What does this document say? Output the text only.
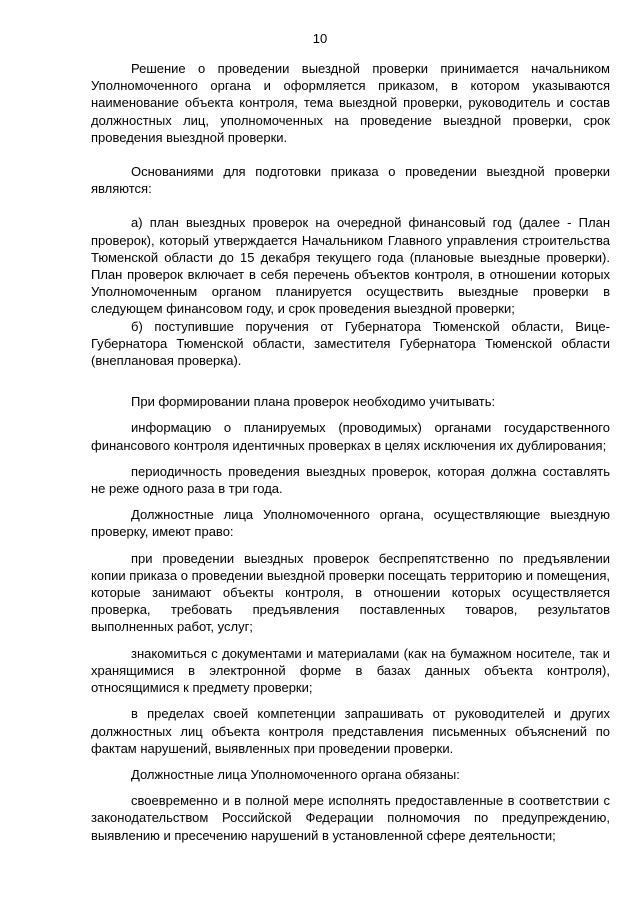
10

Решение о проведении выездной проверки принимается начальником Уполномоченного органа и оформляется приказом, в котором указываются наименование объекта контроля, тема выездной проверки, руководитель и состав должностных лиц, уполномоченных на проведение выездной проверки, срок проведения выездной проверки.

Основаниями для подготовки приказа о проведении выездной проверки являются:

а) план выездных проверок на очередной финансовый год (далее - План проверок), который утверждается Начальником Главного управления строительства Тюменской области до 15 декабря текущего года (плановые выездные проверки). План проверок включает в себя перечень объектов контроля, в отношении которых Уполномоченным органом планируется осуществить выездные проверки в следующем финансовом году, и срок проведения выездной проверки;

б) поступившие поручения от Губернатора Тюменской области, Вице-Губернатора Тюменской области, заместителя Губернатора Тюменской области (внеплановая проверка).

При формировании плана проверок необходимо учитывать:

информацию о планируемых (проводимых) органами государственного финансового контроля идентичных проверках в целях исключения их дублирования;

периодичность проведения выездных проверок, которая должна составлять не реже одного раза в три года.

Должностные лица Уполномоченного органа, осуществляющие выездную проверку, имеют право:

при проведении выездных проверок беспрепятственно по предъявлении копии приказа о проведении выездной проверки посещать территорию и помещения, которые занимают объекты контроля, в отношении которых осуществляется проверка, требовать предъявления поставленных товаров, результатов выполненных работ, услуг;

знакомиться с документами и материалами (как на бумажном носителе, так и хранящимися в электронной форме в базах данных объекта контроля), относящимися к предмету проверки;

в пределах своей компетенции запрашивать от руководителей и других должностных лиц объекта контроля представления письменных объяснений по фактам нарушений, выявленных при проведении проверки.

Должностные лица Уполномоченного органа обязаны:

своевременно и в полной мере исполнять предоставленные в соответствии с законодательством Российской Федерации полномочия по предупреждению, выявлению и пресечению нарушений в установленной сфере деятельности;
